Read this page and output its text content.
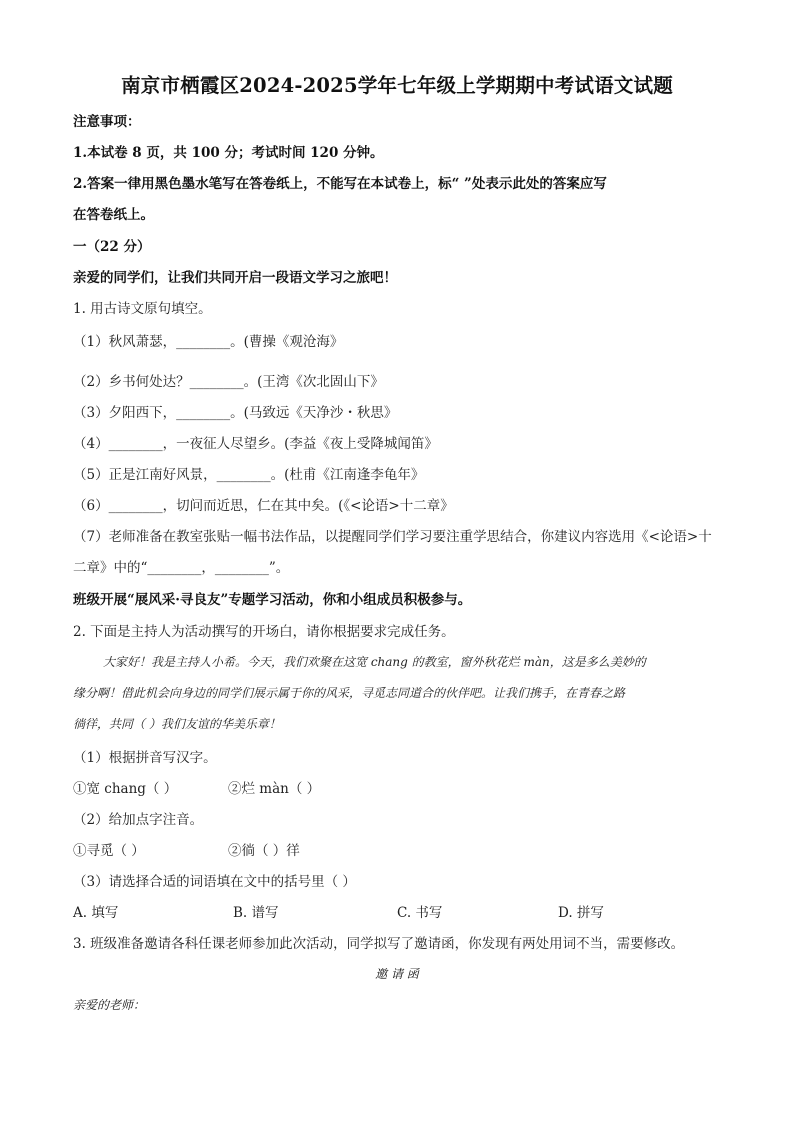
南京市栖霞区2024-2025学年七年级上学期期中考试语文试题
注意事项：
1.本试卷 8 页，共 100 分；考试时间 120 分钟。
2.答案一律用黑色墨水笔写在答卷纸上，不能写在本试卷上，标“ ”处表示此处的答案应写
在答卷纸上。
一（22 分）
亲爱的同学们，让我们共同开启一段语文学习之旅吧！
1. 用古诗文原句填空。
（1）秋风萧瑟，________。(曹操《观沧海》
（2）乡书何处达？________。(王湾《次北固山下》
（3）夕阳西下，________。(马致远《天净沙・秋思》
（4）________，一夜征人尽望乡。(李益《夜上受降城闻笛》
（5）正是江南好风景，________。(杜甫《江南逢李龟年》
（6）________，切问而近思，仁在其中矣。(《<论语>十二章》
（7）老师准备在教室张贴一幅书法作品，以提醒同学们学习要注重学思结合，你建议内容选用《<论语>十
二章》中的“________，________”。
班级开展“展风采·寻良友”专题学习活动，你和小组成员积极参与。
2. 下面是主持人为活动撰写的开场白，请你根据要求完成任务。
大家好！我是主持人小希。今天，我们欢聚在这宽 chang 的教室，窗外秋花烂 màn，这是多么美妙的
缘分啊！借此机会向身边的同学们展示属于你的风采，寻觅志同道合的伙伴吧。让我们携手，在青春之路
徜徉，共同（ ）我们友谊的华美乐章！
（1）根据拼音写汉字。
①宽 chang（ ）	②烂 màn（ ）
（2）给加点字注音。
①寻觅（ ）	②徜（ ）徉
（3）请选择合适的词语填在文中的括号里（ ）
A. 填写	B. 谱写	C. 书写	D. 拼写
3. 班级准备邀请各科任课老师参加此次活动，同学拟写了邀请函，你发现有两处用词不当，需要修改。
邀 请 函
亲爱的老师：
